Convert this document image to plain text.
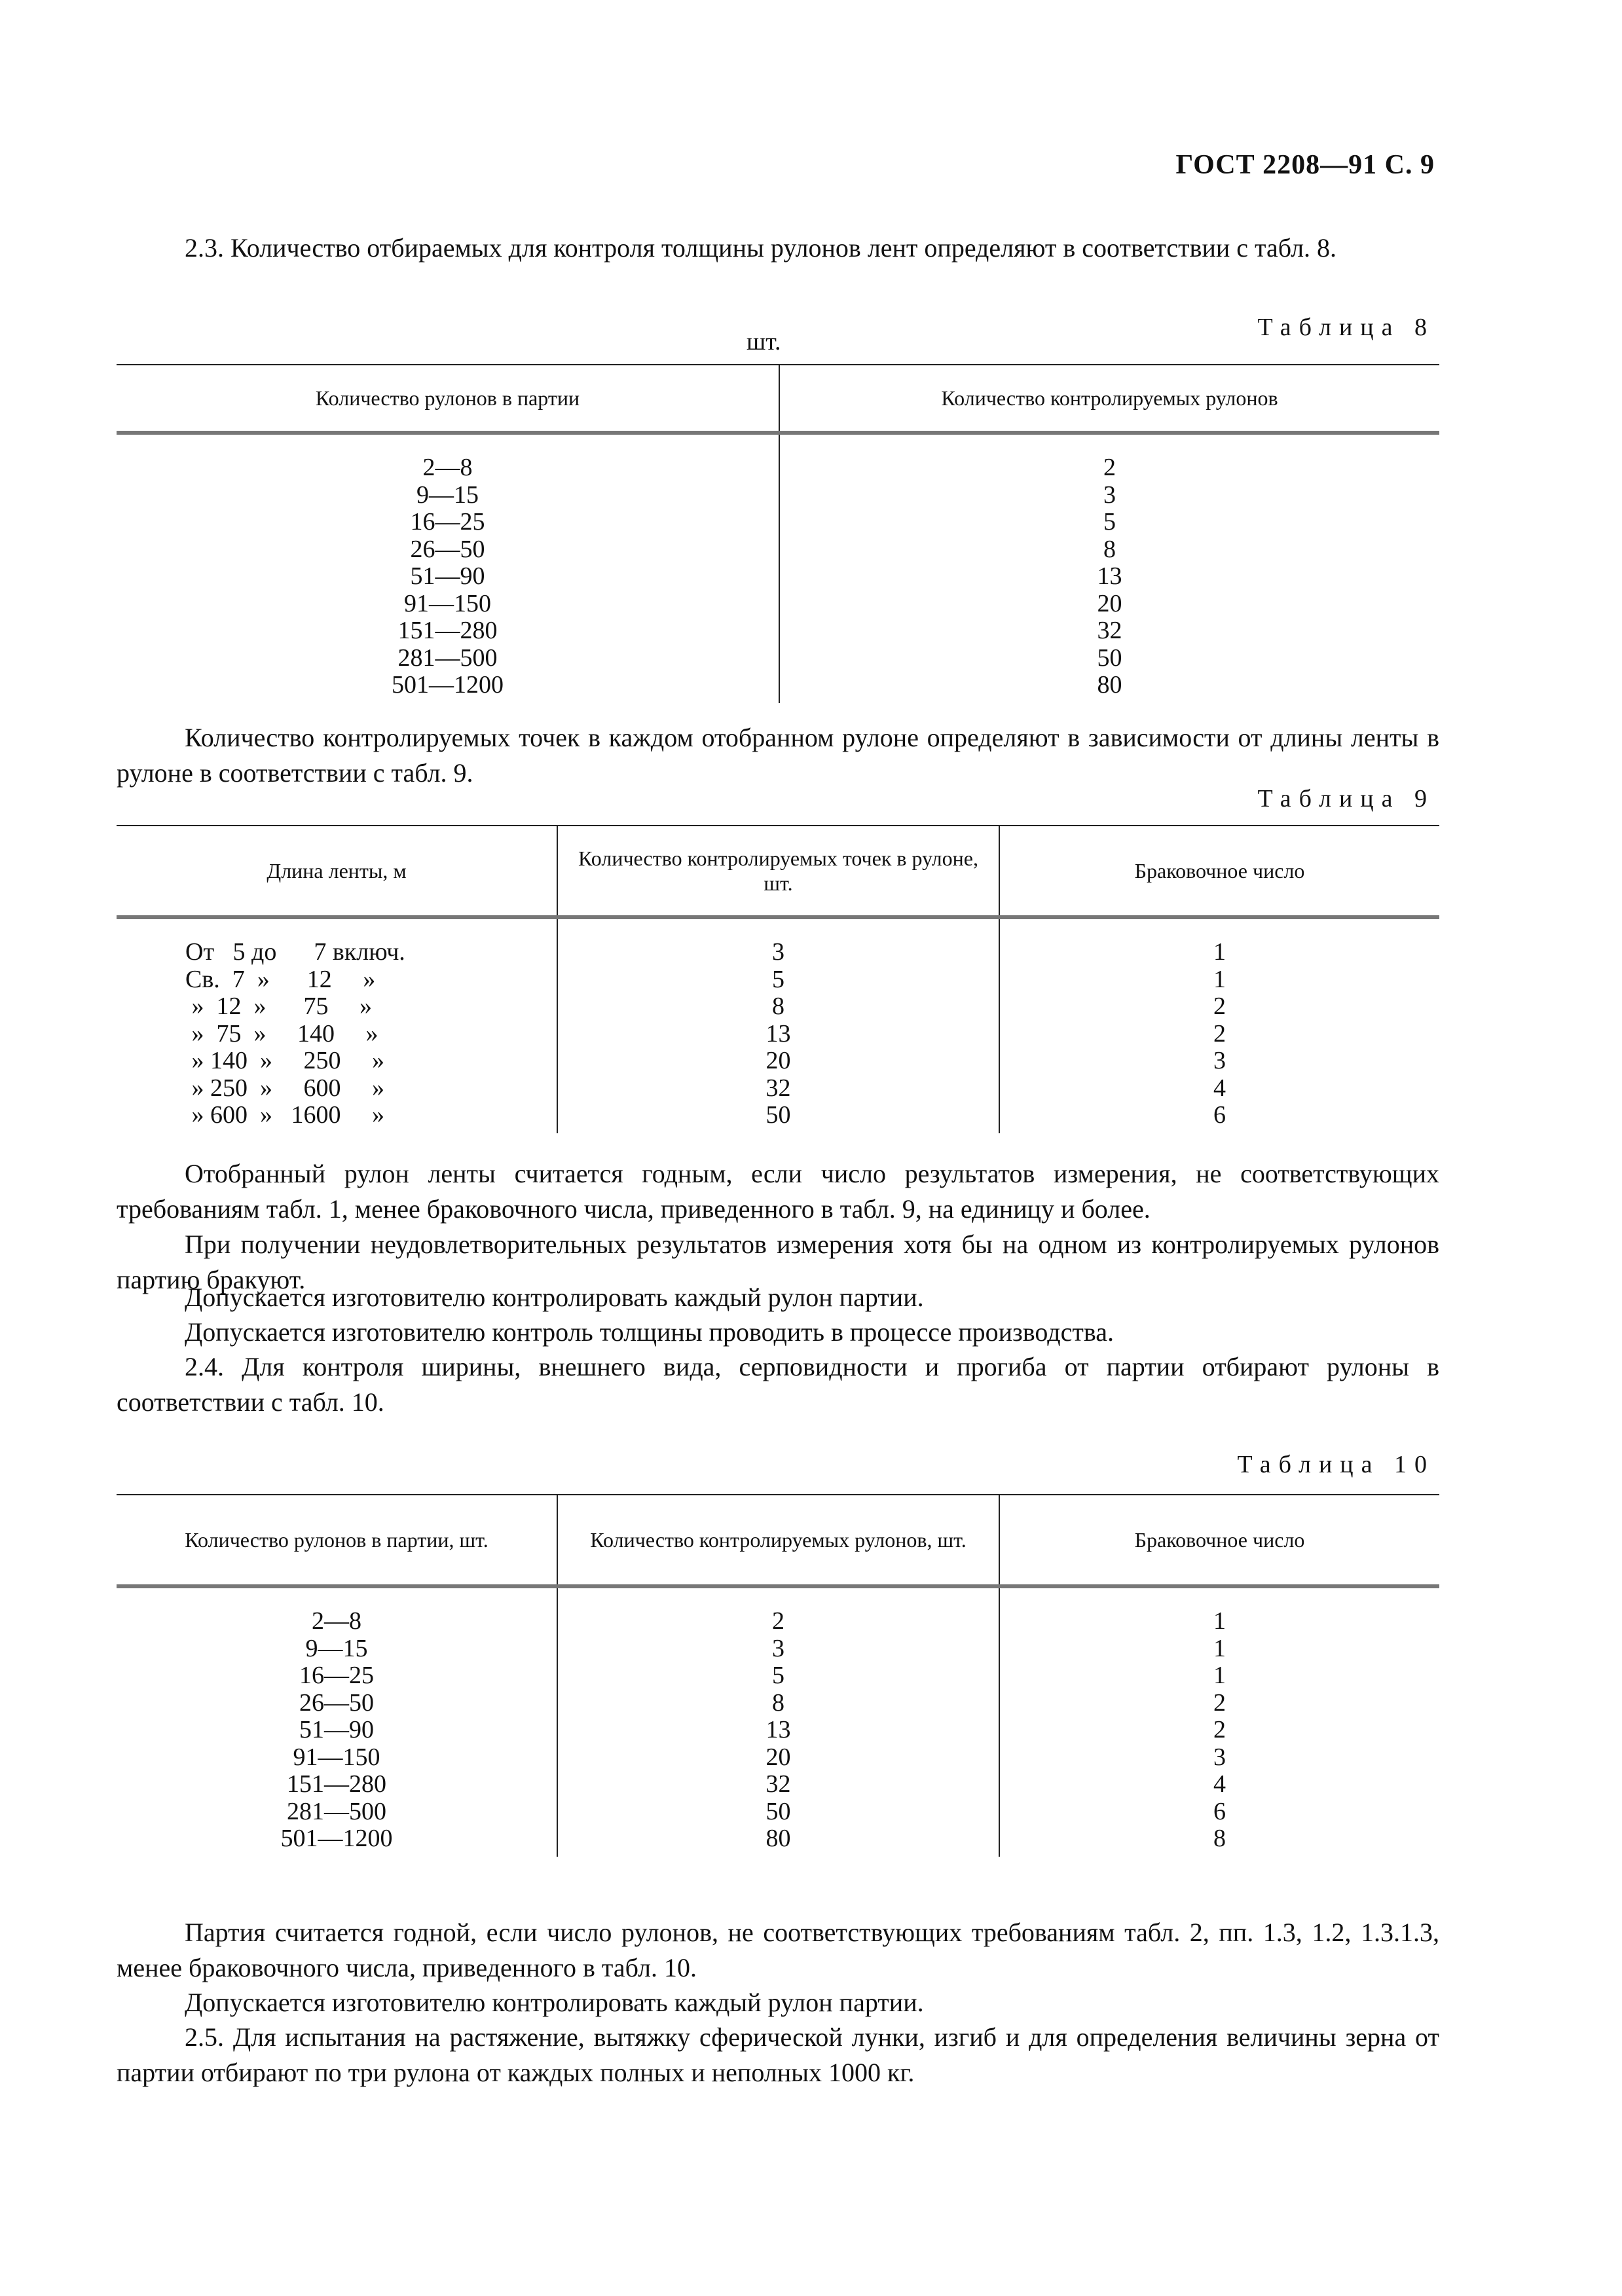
ГОСТ 2208—91 С. 9

2.3. Количество отбираемых для контроля толщины рулонов лент определяют в соответствии с табл. 8.

Таблица 8
шт.
Количество рулонов в партии	Количество контролируемых рулонов
2—8	2
9—15	3
16—25	5
26—50	8
51—90	13
91—150	20
151—280	32
281—500	50
501—1200	80

Количество контролируемых точек в каждом отобранном рулоне определяют в зависимости от длины ленты в рулоне в соответствии с табл. 9.

Таблица 9
Длина ленты, м	Количество контролируемых точек в рулоне, шт.	Браковочное число
От   5 до      7 включ.	3	1
Св.  7  »      12     »	5	1
»  12  »      75     »	8	2
»  75  »     140     »	13	2
» 140  »     250     »	20	3
» 250  »     600     »	32	4
» 600  »   1600     »	50	6

Отобранный рулон ленты считается годным, если число результатов измерения, не соответствующих требованиям табл. 1, менее браковочного числа, приведенного в табл. 9, на единицу и более.

При получении неудовлетворительных результатов измерения хотя бы на одном из контролируемых рулонов партию бракуют.

Допускается изготовителю контролировать каждый рулон партии.

Допускается изготовителю контроль толщины проводить в процессе производства.

2.4. Для контроля ширины, внешнего вида, серповидности и прогиба от партии отбирают рулоны в соответствии с табл. 10.

Таблица 10
Количество рулонов в партии, шт.	Количество контролируемых рулонов, шт.	Браковочное число
2—8	2	1
9—15	3	1
16—25	5	1
26—50	8	2
51—90	13	2
91—150	20	3
151—280	32	4
281—500	50	6
501—1200	80	8

Партия считается годной, если число рулонов, не соответствующих требованиям табл. 2, пп. 1.3, 1.2, 1.3.1.3, менее браковочного числа, приведенного в табл. 10.

Допускается изготовителю контролировать каждый рулон партии.

2.5. Для испытания на растяжение, вытяжку сферической лунки, изгиб и для определения величины зерна от партии отбирают по три рулона от каждых полных и неполных 1000 кг.
